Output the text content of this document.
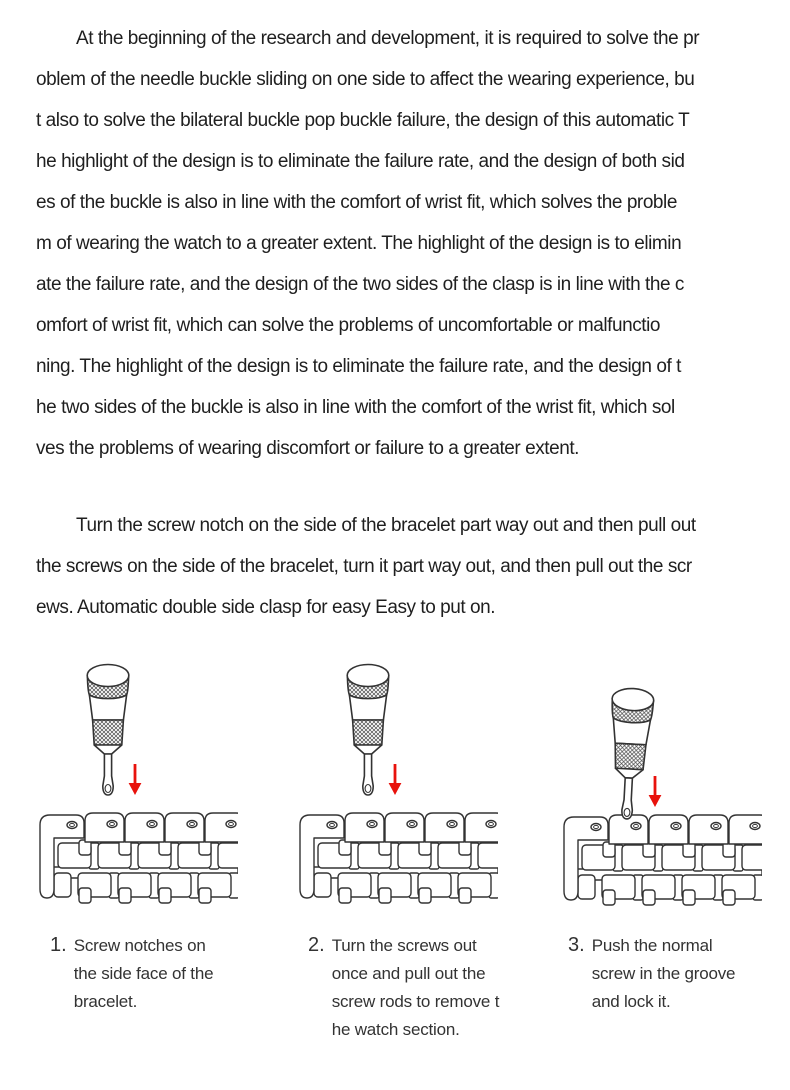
At the beginning of the research and development, it is required to solve the pr
oblem of the needle buckle sliding on one side to affect the wearing experience, bu
t also to solve the bilateral buckle pop buckle failure, the design of this automatic T
he highlight of the design is to eliminate the failure rate, and the design of both sid
es of the buckle is also in line with the comfort of wrist fit, which solves the proble
m of wearing the watch to a greater extent. The highlight of the design is to elimin
ate the failure rate, and the design of the two sides of the clasp is in line with the c
omfort of wrist fit, which can solve the problems of uncomfortable or malfunctio
ning. The highlight of the design is to eliminate the failure rate, and the design of t
he two sides of the buckle is also in line with the comfort of the wrist fit, which sol
ves the problems of wearing discomfort or failure to a greater extent.
Turn the screw notch on the side of the bracelet part way out and then pull out
the screws on the side of the bracelet, turn it part way out, and then pull out the scr
ews. Automatic double side clasp for easy Easy to put on.
1. Screw notches on
the side face of the
bracelet.
2. Turn the screws out
once and pull out the
screw rods to remove t
he watch section.
3. Push the normal
screw in the groove
and lock it.
